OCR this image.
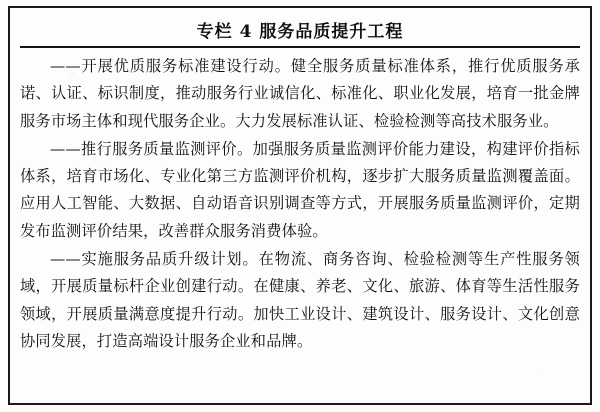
专栏 4 服务品质提升工程

——开展优质服务标准建设行动。健全服务质量标准体系，推行优质服务承诺、认证、标识制度，推动服务行业诚信化、标准化、职业化发展，培育一批金牌服务市场主体和现代服务企业。大力发展标准认证、检验检测等高技术服务业。

——推行服务质量监测评价。加强服务质量监测评价能力建设，构建评价指标体系，培育市场化、专业化第三方监测评价机构，逐步扩大服务质量监测覆盖面。应用人工智能、大数据、自动语音识别调查等方式，开展服务质量监测评价，定期发布监测评价结果，改善群众服务消费体验。

——实施服务品质升级计划。在物流、商务咨询、检验检测等生产性服务领域，开展质量标杆企业创建行动。在健康、养老、文化、旅游、体育等生活性服务领域，开展质量满意度提升行动。加快工业设计、建筑设计、服务设计、文化创意协同发展，打造高端设计服务企业和品牌。
